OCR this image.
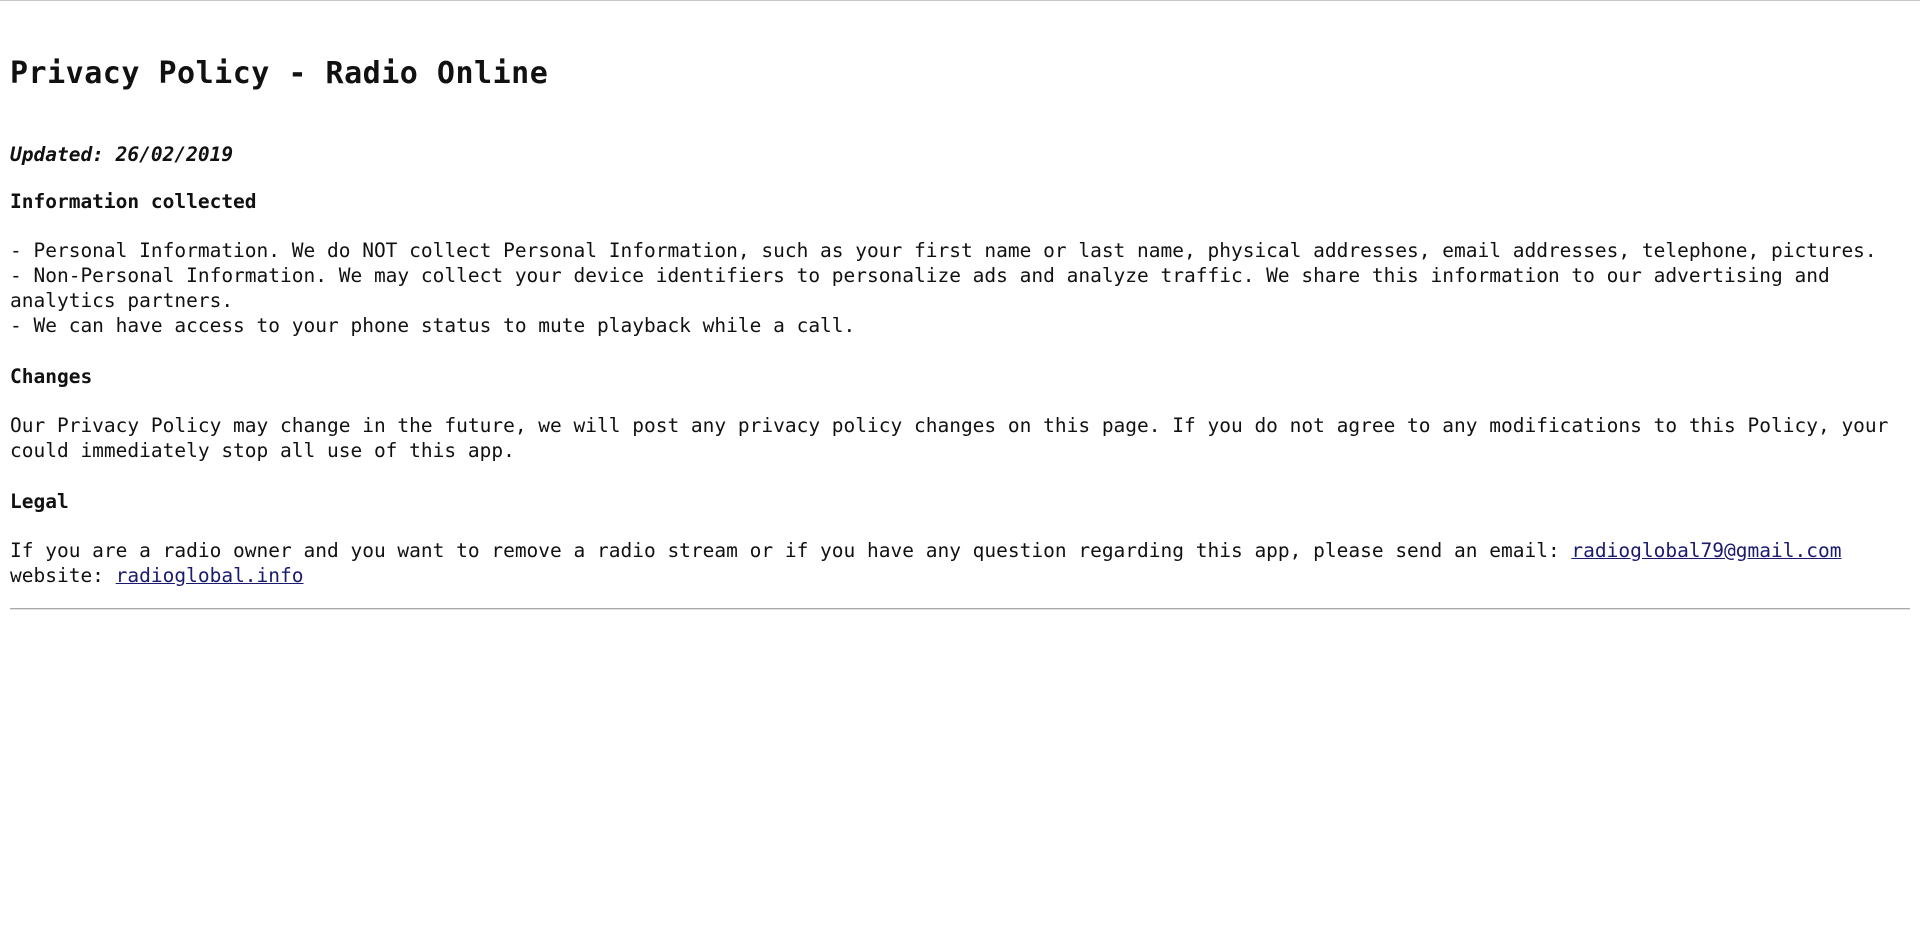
Privacy Policy - Radio Online

Updated: 26/02/2019

Information collected
- Personal Information. We do NOT collect Personal Information, such as your first name or last name, physical addresses, email addresses, telephone, pictures.
- Non-Personal Information. We may collect your device identifiers to personalize ads and analyze traffic. We share this information to our advertising and
analytics partners.
- We can have access to your phone status to mute playback while a call.
Changes
Our Privacy Policy may change in the future, we will post any privacy policy changes on this page. If you do not agree to any modifications to this Policy, your
could immediately stop all use of this app.
Legal
If you are a radio owner and you want to remove a radio stream or if you have any question regarding this app, please send an email: radioglobal79@gmail.com
website: radioglobal.info
